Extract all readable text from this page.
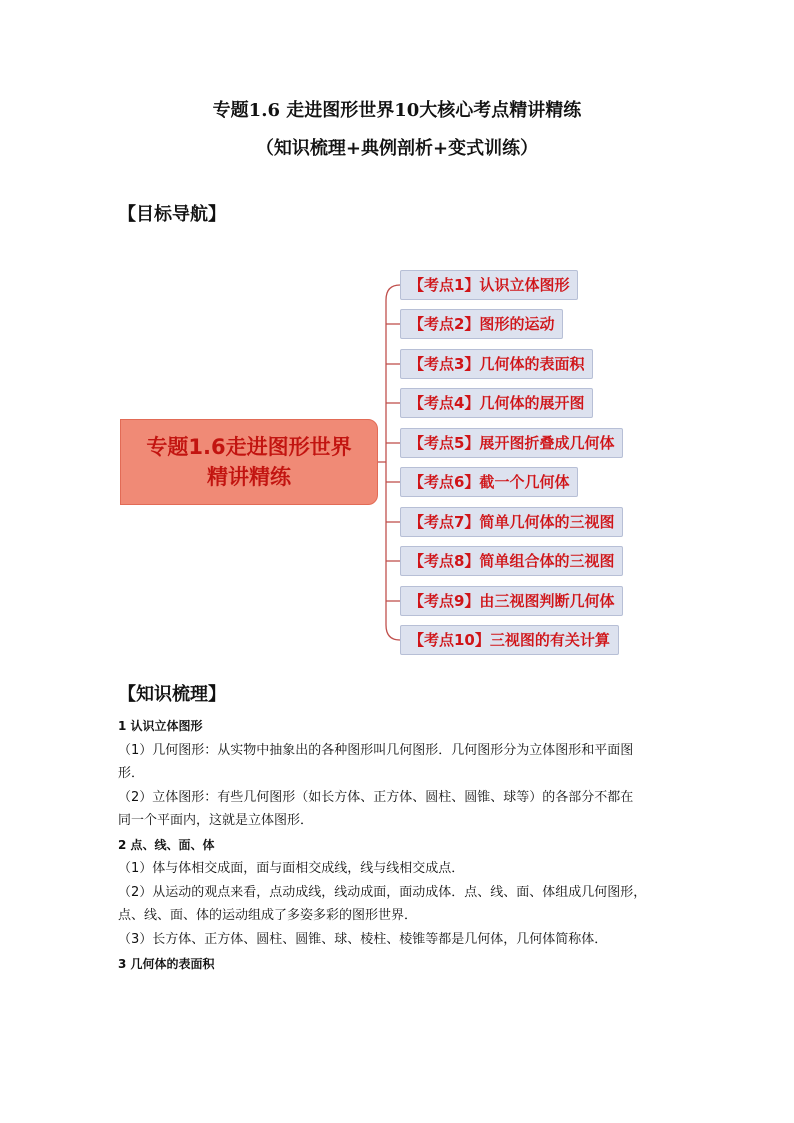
专题1.6 走进图形世界10大核心考点精讲精练
（知识梳理+典例剖析+变式训练）
【目标导航】
专题1.6走进图形世界
精讲精练
【考点1】认识立体图形
【考点2】图形的运动
【考点3】几何体的表面积
【考点4】几何体的展开图
【考点5】展开图折叠成几何体
【考点6】截一个几何体
【考点7】简单几何体的三视图
【考点8】简单组合体的三视图
【考点9】由三视图判断几何体
【考点10】三视图的有关计算
【知识梳理】
1 认识立体图形
（1）几何图形：从实物中抽象出的各种图形叫几何图形．几何图形分为立体图形和平面图
形．
（2）立体图形：有些几何图形（如长方体、正方体、圆柱、圆锥、球等）的各部分不都在
同一个平面内，这就是立体图形．
2 点、线、面、体
（1）体与体相交成面，面与面相交成线，线与线相交成点．
（2）从运动的观点来看，点动成线，线动成面，面动成体．点、线、面、体组成几何图形，
点、线、面、体的运动组成了多姿多彩的图形世界．
（3）长方体、正方体、圆柱、圆锥、球、棱柱、棱锥等都是几何体，几何体简称体．
3 几何体的表面积
